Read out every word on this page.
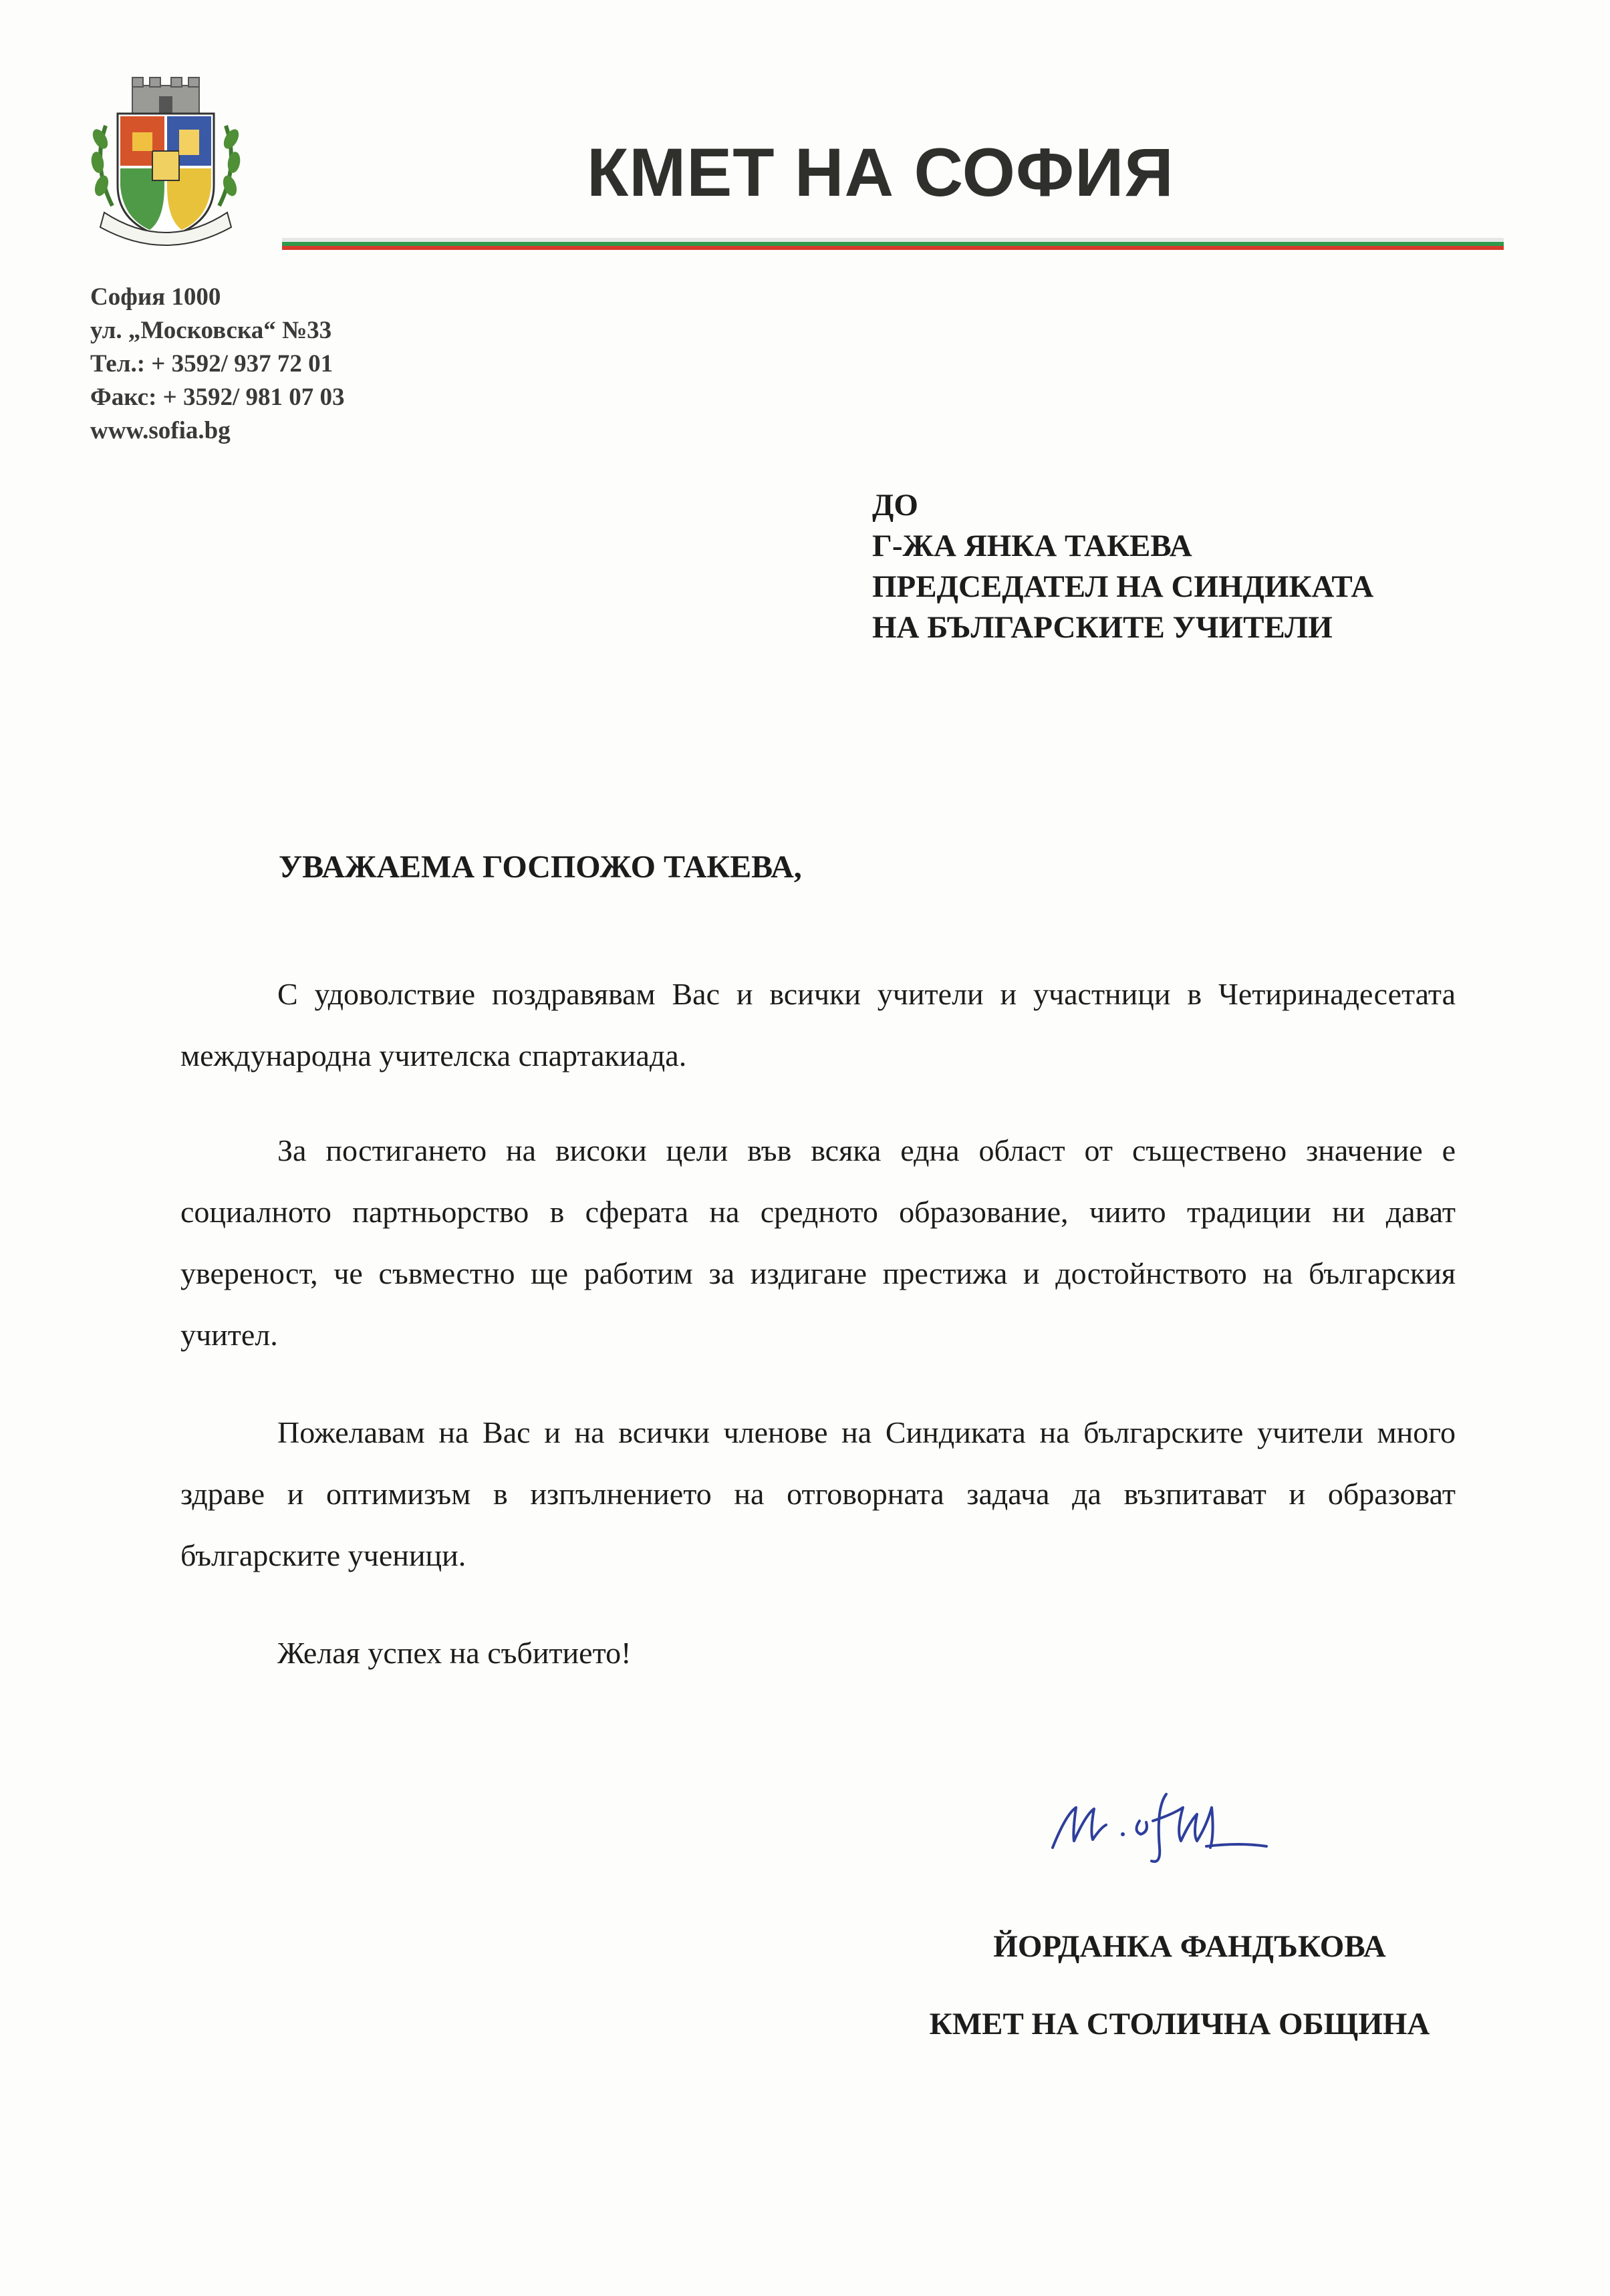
КМЕТ НА СОФИЯ
София 1000
ул. „Московска“ №33
Тел.: + 3592/ 937 72 01
Факс: + 3592/ 981 07 03
www.sofia.bg
ДО
Г-ЖА ЯНКА ТАКЕВА
ПРЕДСЕДАТЕЛ НА СИНДИКАТА
НА БЪЛГАРСКИТЕ УЧИТЕЛИ
УВАЖАЕМА ГОСПОЖО ТАКЕВА,

С удоволствие поздравявам Вас и всички учители и участници в Четиринадесетата международна учителска спартакиада.

За постигането на високи цели във всяка една област от съществено значение е социалното партньорство в сферата на средното образование, чиито традиции ни дават увереност, че съвместно ще работим за издигане престижа и достойнството на българския учител.

Пожелавам на Вас и на всички членове на Синдиката на българските учители много здраве и оптимизъм в изпълнението на отговорната задача да възпитават и образоват българските ученици.

Желая успех на събитието!

ЙОРДАНКА ФАНДЪКОВА
КМЕТ НА СТОЛИЧНА ОБЩИНА
